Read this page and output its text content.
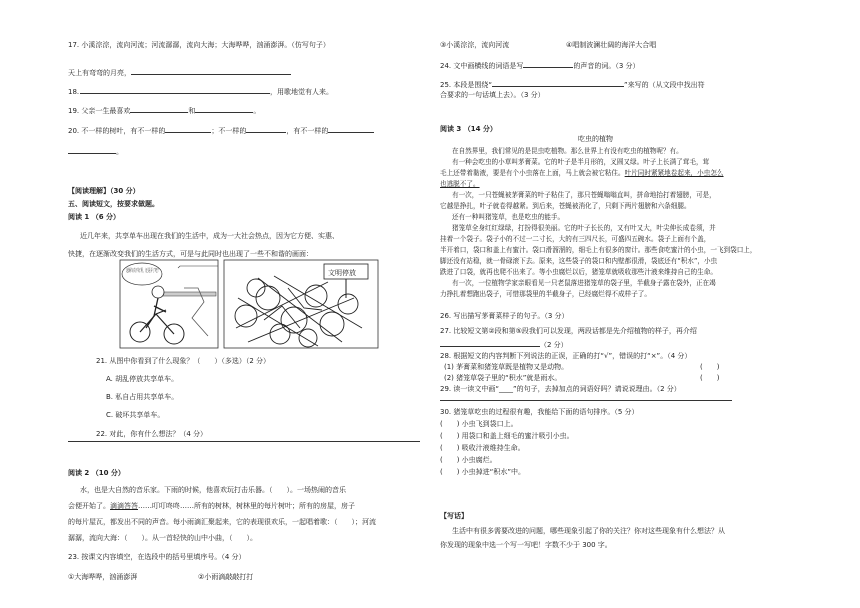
17. 小溪淙淙，流向河流；河流潺潺，流向大海；大海哗哗，汹涌澎湃。（仿写句子）
天上有弯弯的月亮，
18.	，用歌地觉有人来。
19. 父亲一生最喜欢	和	。
20. 不一样的树叶，有不一样的	；不一样的	，有不一样的
。
【阅读理解】（30 分）
五、阅读短文，按要求做题。
阅读 1 （6 分）
近几年来，共享单车出现在我们的生活中，成为一大社会热点，因为它方便、实惠、
快捷，在逐渐改变我们的生活方式，可是与此同时也出现了一些不和谐的画面：
文明停放
21. 从图中你看到了什么现象？（　　）（多选）（2 分）
A. 胡乱停放共享单车。
B. 私自占用共享单车。
C. 破坏共享单车。
22. 对此，你有什么想法？（4 分）
阅读 2 （10 分）
水，也是大自然的音乐家。下雨的时候，他喜欢玩打击乐器。（　　）。一场热闹的音乐
会便开始了。滴滴答答……叮叮咚咚……所有的树林，树林里的每片树叶；所有的房屋，房子
的每片屋瓦，都发出不同的声音。每小雨滴汇聚起来，它的表现很欢乐，一起唱着歌：（　　）；河流
潺潺，流向大海：（　　）。从一首轻快的山中小曲，（　　）。
23. 按课文内容填空，在选段中的括号里填序号。（4 分）
①大海哗哗，汹涌澎湃	②小雨滴敲敲打打
③小溪淙淙，流向河流	④唱制波澜壮阔的海洋大合唱
24. 文中画横线的词语是写	的声音的词。（3 分）
25. 本段是围绕“	”来写的（从文段中找出符
合要求的一句话填上去）。（3 分）
阅读 3 （14 分）
吃虫的植物
在自然界里，我们常见的是昆虫吃植物。那么世界上有没有吃虫的植物呢？有。
有一种会吃虫的小草叫茅膏菜。它的叶子是半月形的，叉圆又绿。叶子上长满了茸毛，茸
毛上还带着黏液，要是有个小虫落在上面，马上就会被它粘住。叶片同时紧紧地卷起来，小虫怎么
也逃脱不了。
有一次，一只苍蝇被茅膏菜的叶子粘住了，那只苍蝇嗡嗡直叫，拼命地抬打着翅膀，可是，
它越是挣扎，叶子就卷得越紧。到后来，苍蝇被消化了，只剩下两片翅膀和六条细腿。
还有一种叫猪笼草，也是吃虫的能手。
猪笼草全身红红绿绿，打扮得很美丽。它的叶子长长的，又有叶又大，叶尖伸长成卷须，并
挂着一个袋子。袋子小的不过一二寸长，大的有三四尺长，可盛四五碗水。袋子上面有个盖，
半开着口，袋口和盖上有蜜汁。袋口滑溜溜的，细毛上有很多的窗计。那些食吃蜜汁的小虫，一飞到袋口上，
脚还没有站稳，就一骨碌滚下去。原来，这些袋子的袋口和内壁都很滑，袋底还有“积水”，小虫
跌进了口袋，就再也爬不出来了。等小虫腐烂以后，猪笼草就吸收那些汁液来维持自己的生命。
有一次，一位植物学家亲眼看见一只老鼠落进猪笼草的袋子里，半截身子露在袋外，正在竭
力挣扎着想跑出袋子，可惜那袋里的半截身子，已经腐烂得不成样子了。
26. 写出描写茅膏菜样子的句子。（3 分）
27. 比较短文第②段和第⑤段我们可以发现，两段话都是先介绍植物的样子，再介绍
（2 分）
28. 根据短文的内容判断下列说法的正误，正确的打“√”，错误的打“×”。（4 分）
(1) 茅膏菜和猪笼草既是植物又是动物。	(　　)
(2) 猪笼草袋子里的“积水”就是雨水。	(　　)
29. 读一读文中画“____”的句子，去掉加点的词语好吗？请说说理由。（2 分）
30. 猪笼草吃虫的过程很有趣，我能给下面的语句排序。（5 分）
(　　) 小虫飞到袋口上。
(　　) 用袋口和盖上细毛的蜜汁吸引小虫。
(　　) 吸收汁液维持生命。
(　　) 小虫腐烂。
(　　) 小虫掉进“积水”中。
【写话】
生活中有很多需要改进的问题，哪些现象引起了你的关注？你对这些现象有什么想法？从
你发现的现象中选一个写一写吧！字数不少于 300 字。
